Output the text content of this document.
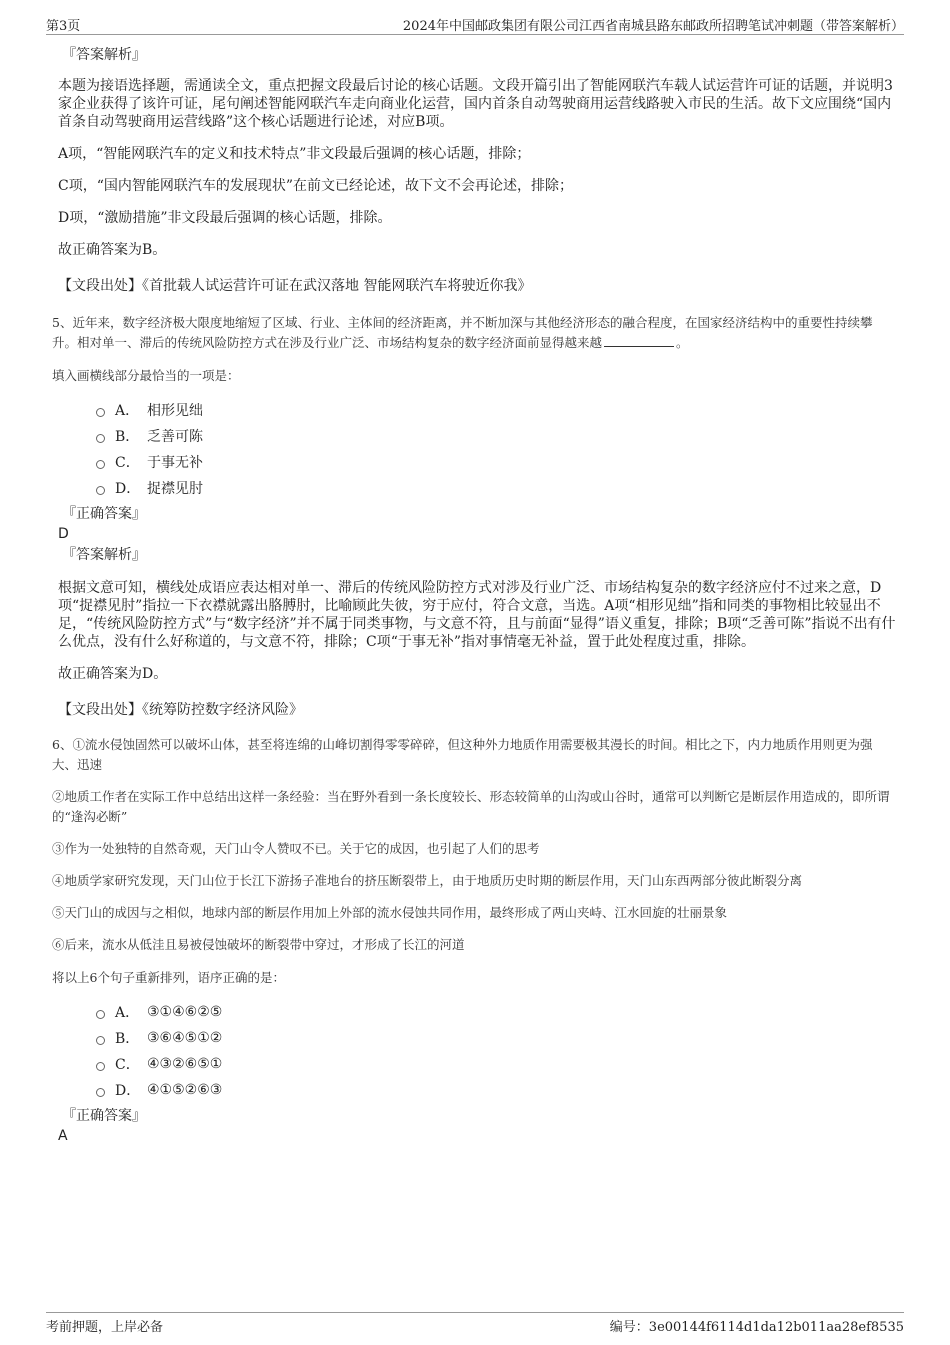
第3页	2024年中国邮政集团有限公司江西省南城县路东邮政所招聘笔试冲刺题（带答案解析）
『答案解析』
本题为接语选择题，需通读全文，重点把握文段最后讨论的核心话题。文段开篇引出了智能网联汽车载人试运营许可证的话题，并说明3家企业获得了该许可证，尾句阐述智能网联汽车走向商业化运营，国内首条自动驾驶商用运营线路驶入市民的生活。故下文应围绕“国内首条自动驾驶商用运营线路”这个核心话题进行论述，对应B项。
A项，“智能网联汽车的定义和技术特点”非文段最后强调的核心话题，排除；
C项，“国内智能网联汽车的发展现状”在前文已经论述，故下文不会再论述，排除；
D项，“激励措施”非文段最后强调的核心话题，排除。
故正确答案为B。
【文段出处】《首批载人试运营许可证在武汉落地 智能网联汽车将驶近你我》
5、近年来，数字经济极大限度地缩短了区域、行业、主体间的经济距离，并不断加深与其他经济形态的融合程度，在国家经济结构中的重要性持续攀升。相对单一、滞后的传统风险防控方式在涉及行业广泛、市场结构复杂的数字经济面前显得越来越	。
填入画横线部分最恰当的一项是：
A． 相形见绌
B． 乏善可陈
C． 于事无补
D． 捉襟见肘
『正确答案』
D
『答案解析』
根据文意可知，横线处成语应表达相对单一、滞后的传统风险防控方式对涉及行业广泛、市场结构复杂的数字经济应付不过来之意，D项“捉襟见肘”指拉一下衣襟就露出胳膊肘，比喻顾此失彼，穷于应付，符合文意，当选。A项“相形见绌”指和同类的事物相比较显出不足，“传统风险防控方式”与“数字经济”并不属于同类事物，与文意不符，且与前面“显得”语义重复，排除；B项“乏善可陈”指说不出有什么优点，没有什么好称道的，与文意不符，排除；C项“于事无补”指对事情毫无补益，置于此处程度过重，排除。
故正确答案为D。
【文段出处】《统筹防控数字经济风险》
6、①流水侵蚀固然可以破坏山体，甚至将连绵的山峰切割得零零碎碎，但这种外力地质作用需要极其漫长的时间。相比之下，内力地质作用则更为强大、迅速
②地质工作者在实际工作中总结出这样一条经验：当在野外看到一条长度较长、形态较简单的山沟或山谷时，通常可以判断它是断层作用造成的，即所谓的“逢沟必断”
③作为一处独特的自然奇观，天门山令人赞叹不已。关于它的成因，也引起了人们的思考
④地质学家研究发现，天门山位于长江下游扬子准地台的挤压断裂带上，由于地质历史时期的断层作用，天门山东西两部分彼此断裂分离
⑤天门山的成因与之相似，地球内部的断层作用加上外部的流水侵蚀共同作用，最终形成了两山夹峙、江水回旋的壮丽景象
⑥后来，流水从低洼且易被侵蚀破坏的断裂带中穿过，才形成了长江的河道
将以上6个句子重新排列，语序正确的是：
A． ③①④⑥②⑤
B． ③⑥④⑤①②
C． ④③②⑥⑤①
D． ④①⑤②⑥③
『正确答案』
A
考前押题，上岸必备	编号：3e00144f6114d1da12b011aa28ef8535
